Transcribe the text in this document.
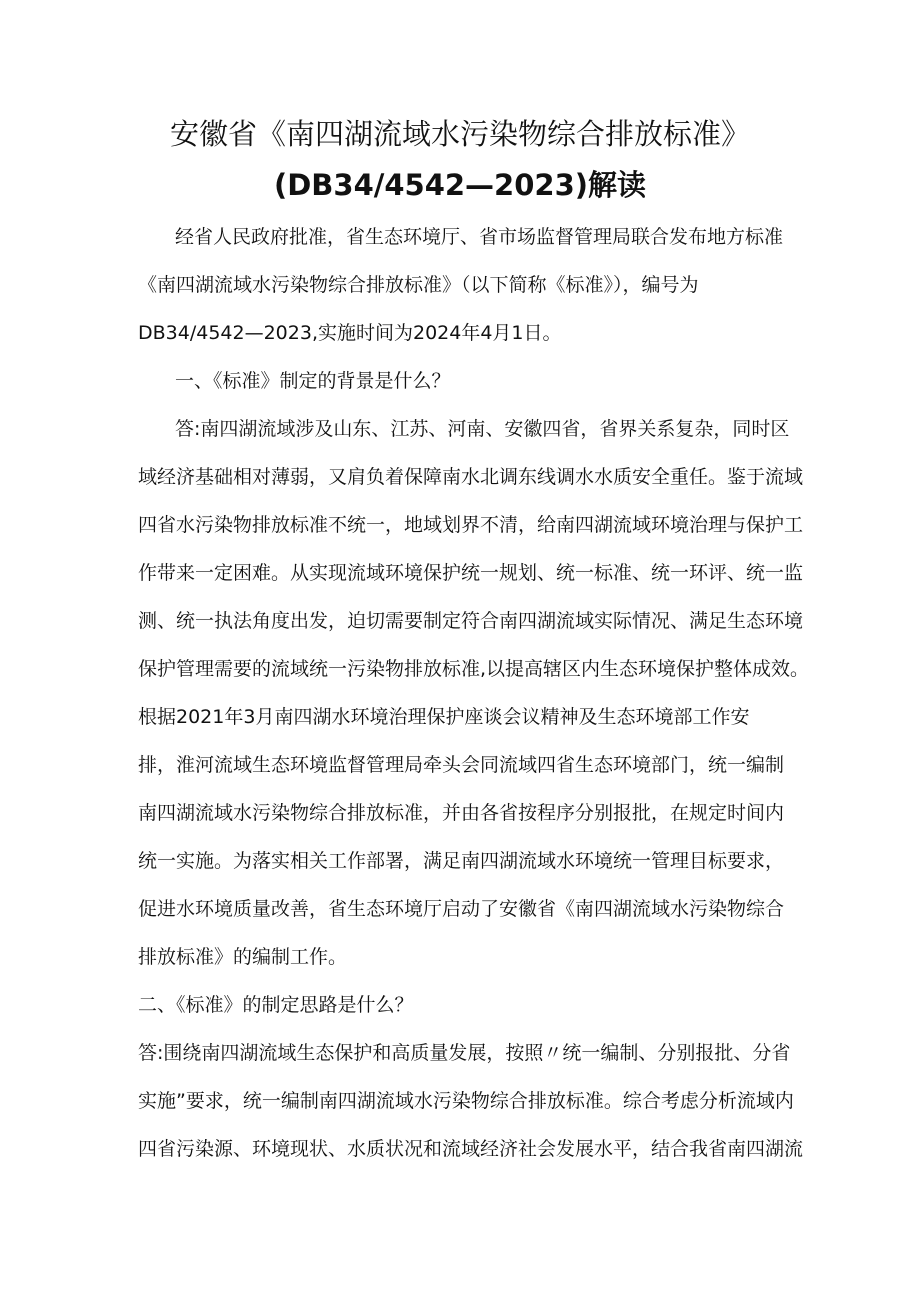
安徽省《南四湖流域水污染物综合排放标准》
(DB34/4542—2023)解读
经省人民政府批准，省生态环境厅、省市场监督管理局联合发布地方标准
《南四湖流域水污染物综合排放标准》（以下简称《标准》），编号为
DB34/4542—2023,实施时间为2024年4月1日。
一、《标准》制定的背景是什么？
答:南四湖流域涉及山东、江苏、河南、安徽四省，省界关系复杂，同时区
域经济基础相对薄弱，又肩负着保障南水北调东线调水水质安全重任。鉴于流域
四省水污染物排放标准不统一，地域划界不清，给南四湖流域环境治理与保护工
作带来一定困难。从实现流域环境保护统一规划、统一标准、统一环评、统一监
测、统一执法角度出发，迫切需要制定符合南四湖流域实际情况、满足生态环境
保护管理需要的流域统一污染物排放标准,以提高辖区内生态环境保护整体成效。
根据2021年3月南四湖水环境治理保护座谈会议精神及生态环境部工作安
排，淮河流域生态环境监督管理局牵头会同流域四省生态环境部门，统一编制
南四湖流域水污染物综合排放标准，并由各省按程序分别报批，在规定时间内
统一实施。为落实相关工作部署，满足南四湖流域水环境统一管理目标要求，
促进水环境质量改善，省生态环境厅启动了安徽省《南四湖流域水污染物综合
排放标准》的编制工作。
二、《标准》的制定思路是什么？
答:围绕南四湖流域生态保护和高质量发展，按照〃统一编制、分别报批、分省
实施”要求，统一编制南四湖流域水污染物综合排放标准。综合考虑分析流域内
四省污染源、环境现状、水质状况和流域经济社会发展水平，结合我省南四湖流
